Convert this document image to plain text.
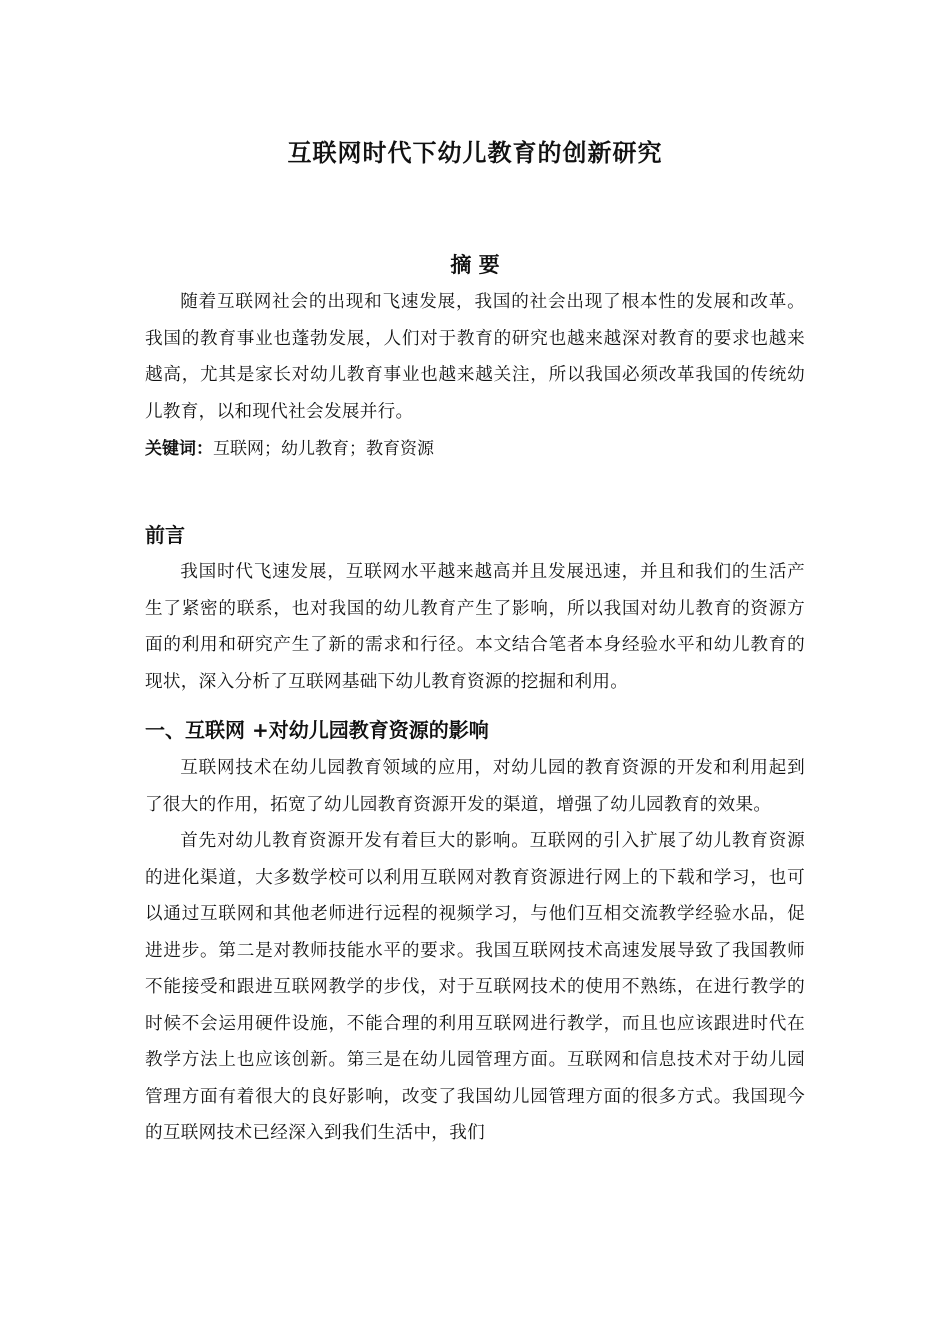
互联网时代下幼儿教育的创新研究
摘 要

随着互联网社会的出现和飞速发展，我国的社会出现了根本性的发展和改革。我国的教育事业也蓬勃发展，人们对于教育的研究也越来越深对教育的要求也越来越高，尤其是家长对幼儿教育事业也越来越关注，所以我国必须改革我国的传统幼儿教育，以和现代社会发展并行。

关键词：互联网；幼儿教育；教育资源

前言

我国时代飞速发展，互联网水平越来越高并且发展迅速，并且和我们的生活产生了紧密的联系，也对我国的幼儿教育产生了影响，所以我国对幼儿教育的资源方面的利用和研究产生了新的需求和行径。本文结合笔者本身经验水平和幼儿教育的现状，深入分析了互联网基础下幼儿教育资源的挖掘和利用。

一、互联网 +对幼儿园教育资源的影响

互联网技术在幼儿园教育领域的应用，对幼儿园的教育资源的开发和利用起到了很大的作用，拓宽了幼儿园教育资源开发的渠道，增强了幼儿园教育的效果。

首先对幼儿教育资源开发有着巨大的影响。互联网的引入扩展了幼儿教育资源的进化渠道，大多数学校可以利用互联网对教育资源进行网上的下载和学习，也可以通过互联网和其他老师进行远程的视频学习，与他们互相交流教学经验水品，促进进步。第二是对教师技能水平的要求。我国互联网技术高速发展导致了我国教师不能接受和跟进互联网教学的步伐，对于互联网技术的使用不熟练，在进行教学的时候不会运用硬件设施，不能合理的利用互联网进行教学，而且也应该跟进时代在教学方法上也应该创新。第三是在幼儿园管理方面。互联网和信息技术对于幼儿园管理方面有着很大的良好影响，改变了我国幼儿园管理方面的很多方式。我国现今的互联网技术已经深入到我们生活中，我们
